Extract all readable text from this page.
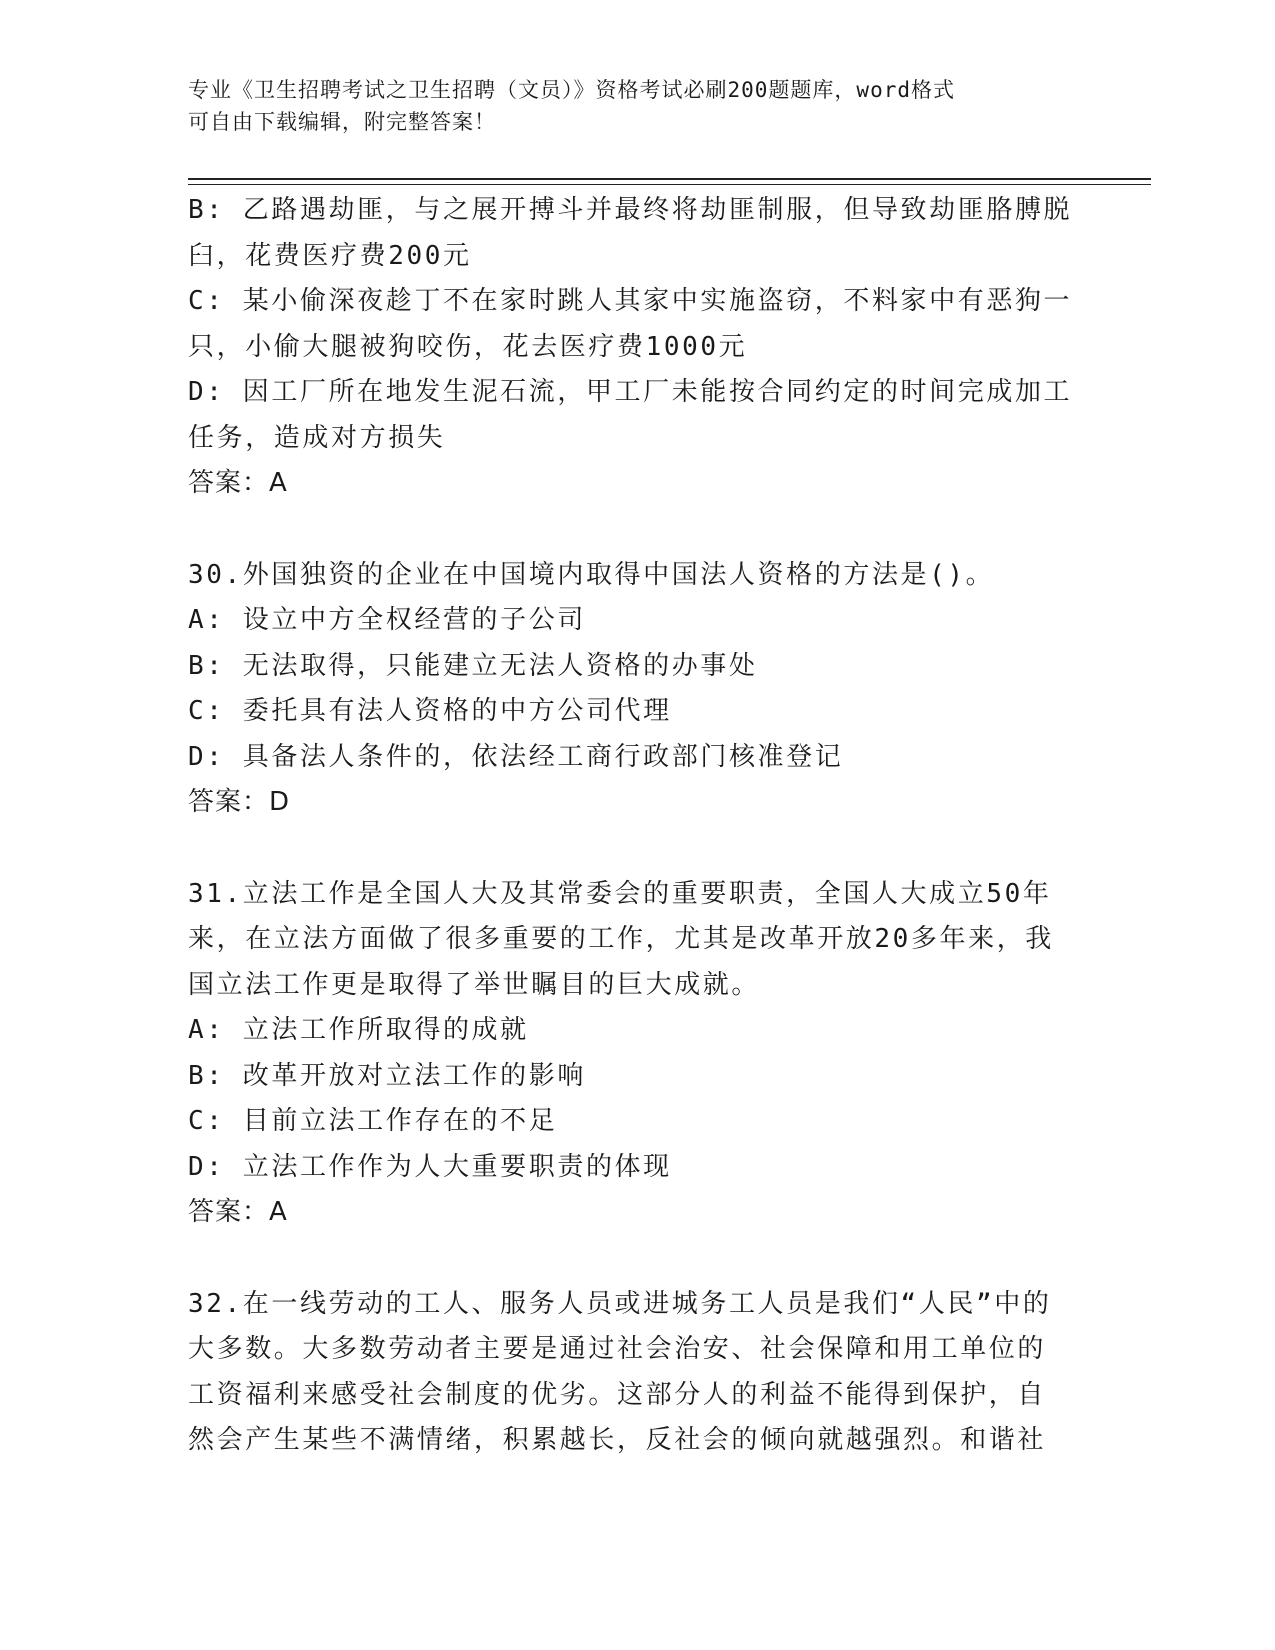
专业《卫生招聘考试之卫生招聘（文员）》资格考试必刷200题题库，word格式
可自由下载编辑，附完整答案！
B: 乙路遇劫匪，与之展开搏斗并最终将劫匪制服，但导致劫匪胳膊脱
臼，花费医疗费200元
C: 某小偷深夜趁丁不在家时跳人其家中实施盗窃，不料家中有恶狗一
只，小偷大腿被狗咬伤，花去医疗费1000元
D: 因工厂所在地发生泥石流，甲工厂未能按合同约定的时间完成加工
任务，造成对方损失
答案：A
30.外国独资的企业在中国境内取得中国法人资格的方法是()。
A: 设立中方全权经营的子公司
B: 无法取得，只能建立无法人资格的办事处
C: 委托具有法人资格的中方公司代理
D: 具备法人条件的，依法经工商行政部门核准登记
答案：D
31.立法工作是全国人大及其常委会的重要职责，全国人大成立50年
来，在立法方面做了很多重要的工作，尤其是改革开放20多年来，我
国立法工作更是取得了举世瞩目的巨大成就。
A: 立法工作所取得的成就
B: 改革开放对立法工作的影响
C: 目前立法工作存在的不足
D: 立法工作作为人大重要职责的体现
答案：A
32.在一线劳动的工人、服务人员或进城务工人员是我们“人民”中的
大多数。大多数劳动者主要是通过社会治安、社会保障和用工单位的
工资福利来感受社会制度的优劣。这部分人的利益不能得到保护，自
然会产生某些不满情绪，积累越长，反社会的倾向就越强烈。和谐社
